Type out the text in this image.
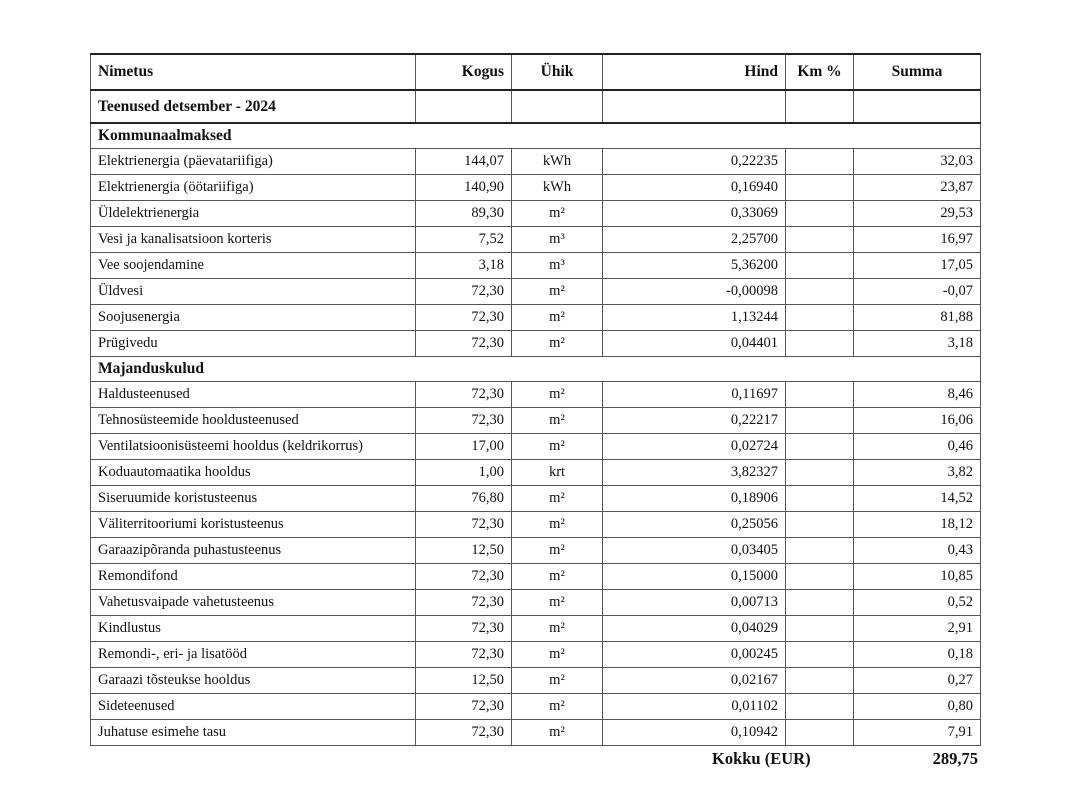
Nimetus	Kogus	Ühik	Hind	Km %	Summa
Teenused detsember - 2024					
Kommunaalmaksed					
Elektrienergia (päevatariifiga)	144,07	kWh	0,22235		32,03
Elektrienergia (öötariifiga)	140,90	kWh	0,16940		23,87
Üldelektrienergia	89,30	m²	0,33069		29,53
Vesi ja kanalisatsioon korteris	7,52	m³	2,25700		16,97
Vee soojendamine	3,18	m³	5,36200		17,05
Üldvesi	72,30	m²	-0,00098		-0,07
Soojusenergia	72,30	m²	1,13244		81,88
Prügivedu	72,30	m²	0,04401		3,18
Majanduskulud					
Haldusteenused	72,30	m²	0,11697		8,46
Tehnosüsteemide hooldusteenused	72,30	m²	0,22217		16,06
Ventilatsioonisüsteemi hooldus (keldrikorrus)	17,00	m²	0,02724		0,46
Koduautomaatika hooldus	1,00	krt	3,82327		3,82
Siseruumide koristusteenus	76,80	m²	0,18906		14,52
Väliterritooriumi koristusteenus	72,30	m²	0,25056		18,12
Garaazipõranda puhastusteenus	12,50	m²	0,03405		0,43
Remondifond	72,30	m²	0,15000		10,85
Vahetusvaipade vahetusteenus	72,30	m²	0,00713		0,52
Kindlustus	72,30	m²	0,04029		2,91
Remondi-, eri- ja lisatööd	72,30	m²	0,00245		0,18
Garaazi tõsteukse hooldus	12,50	m²	0,02167		0,27
Sideteenused	72,30	m²	0,01102		0,80
Juhatuse esimehe tasu	72,30	m²	0,10942		7,91
Kokku (EUR)	289,75
